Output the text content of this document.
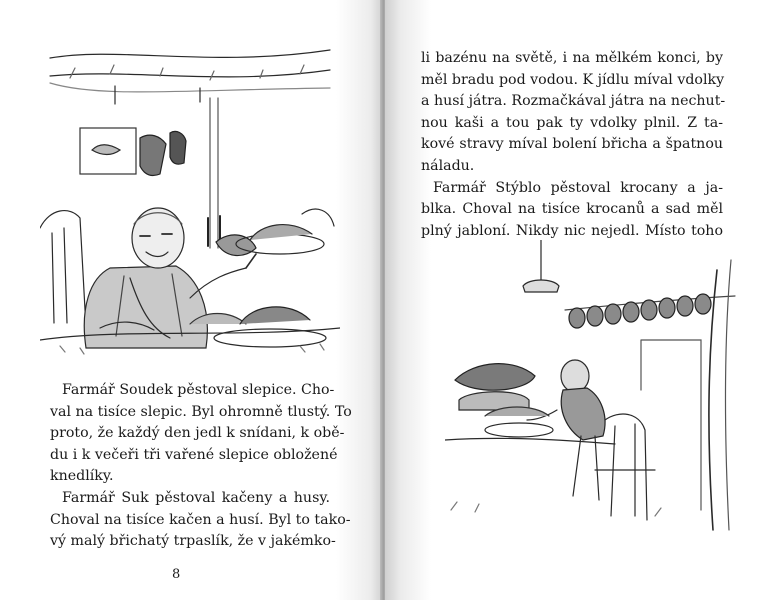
Farmář Soudek pěstoval slepice. Cho-
val na tisíce slepic. Byl ohromně tlustý. To
proto, že každý den jedl k snídani, k obě-
du i k večeři tři vařené slepice obložené
knedlíky.

Farmář Suk pěstoval kačeny a husy.
Choval na tisíce kačen a husí. Byl to tako-
vý malý břichatý trpaslík, že v jakémko-

8

li bazénu na světě, i na mělkém konci, by
měl bradu pod vodou. K jídlu míval vdolky
a husí játra. Rozmačkával játra na nechut-
nou kaši a tou pak ty vdolky plnil. Z ta-
kové stravy míval bolení břicha a špatnou
náladu.

Farmář Stýblo pěstoval krocany a ja-
blka. Choval na tisíce krocanů a sad měl
plný jabloní. Nikdy nic nejedl. Místo toho
